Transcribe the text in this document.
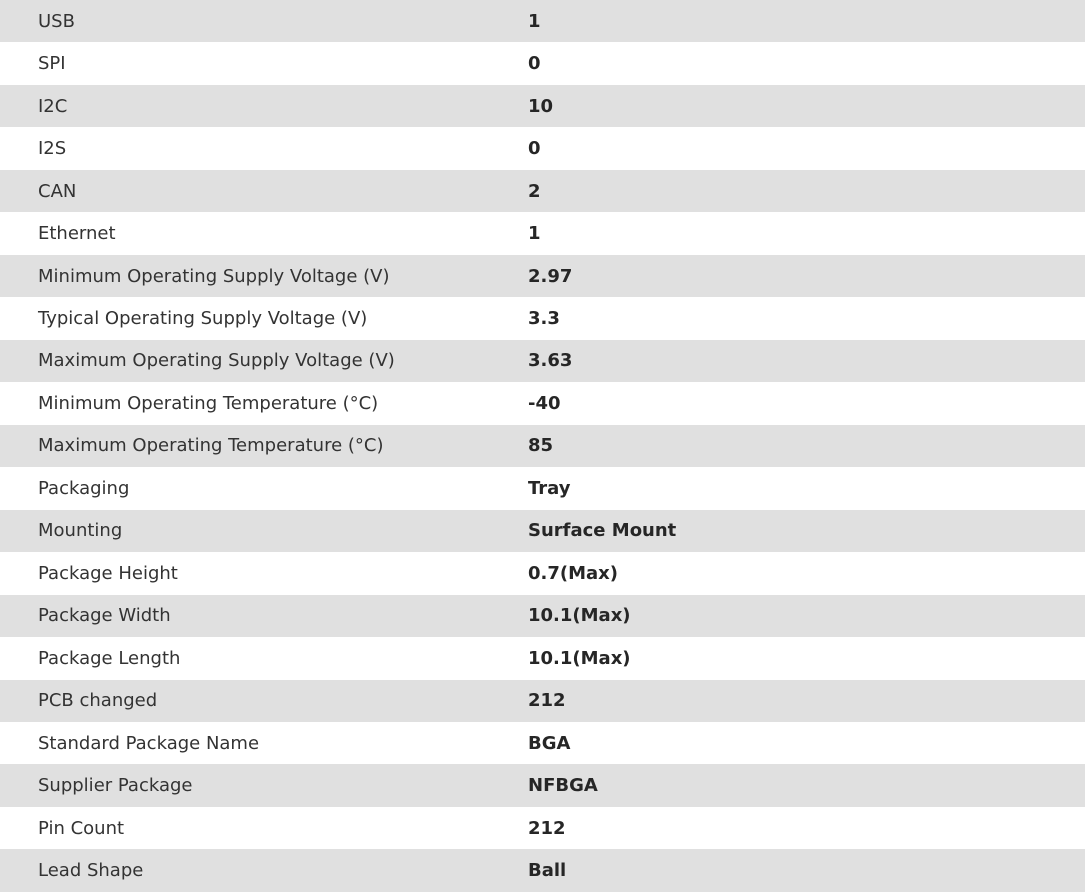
USB	1
SPI	0
I2C	10
I2S	0
CAN	2
Ethernet	1
Minimum Operating Supply Voltage (V)	2.97
Typical Operating Supply Voltage (V)	3.3
Maximum Operating Supply Voltage (V)	3.63
Minimum Operating Temperature (°C)	-40
Maximum Operating Temperature (°C)	85
Packaging	Tray
Mounting	Surface Mount
Package Height	0.7(Max)
Package Width	10.1(Max)
Package Length	10.1(Max)
PCB changed	212
Standard Package Name	BGA
Supplier Package	NFBGA
Pin Count	212
Lead Shape	Ball
